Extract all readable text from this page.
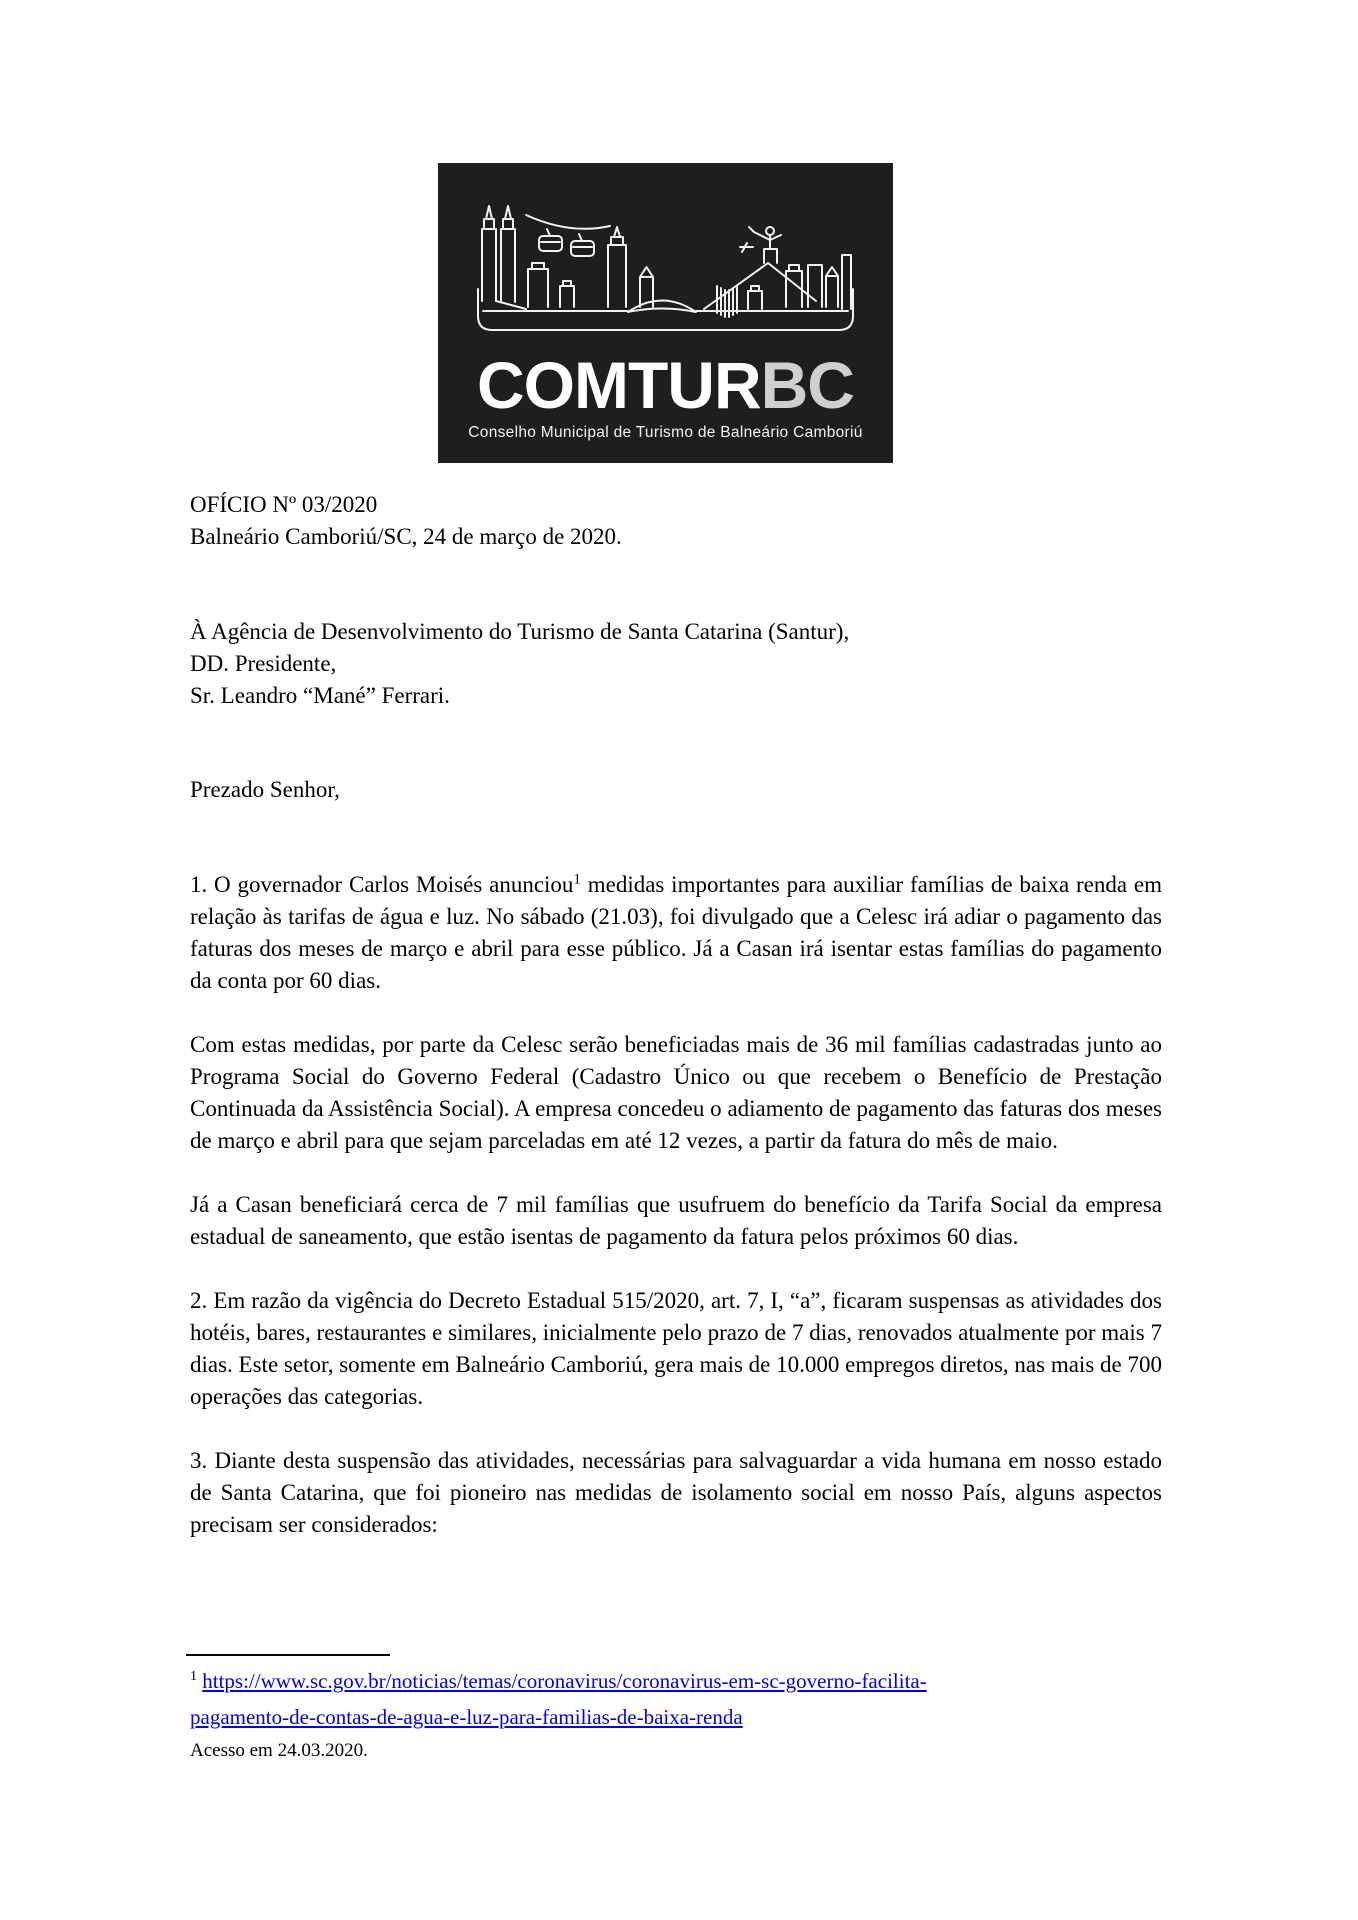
COMTURBC
Conselho Municipal de Turismo de Balneário Camboriú
OFÍCIO Nº 03/2020
Balneário Camboriú/SC, 24 de março de 2020.
À Agência de Desenvolvimento do Turismo de Santa Catarina (Santur),
DD. Presidente,
Sr. Leandro “Mané” Ferrari.
Prezado Senhor,

1. O governador Carlos Moisés anunciou$^1$ medidas importantes para auxiliar famílias de baixa renda em relação às tarifas de água e luz. No sábado (21.03), foi divulgado que a Celesc irá adiar o pagamento das faturas dos meses de março e abril para esse público. Já a Casan irá isentar estas famílias do pagamento da conta por 60 dias.

Com estas medidas, por parte da Celesc serão beneficiadas mais de 36 mil famílias cadastradas junto ao Programa Social do Governo Federal (Cadastro Único ou que recebem o Benefício de Prestação Continuada da Assistência Social). A empresa concedeu o adiamento de pagamento das faturas dos meses de março e abril para que sejam parceladas em até 12 vezes, a partir da fatura do mês de maio.

Já a Casan beneficiará cerca de 7 mil famílias que usufruem do benefício da Tarifa Social da empresa estadual de saneamento, que estão isentas de pagamento da fatura pelos próximos 60 dias.

2. Em razão da vigência do Decreto Estadual 515/2020, art. 7, I, “a”, ficaram suspensas as atividades dos hotéis, bares, restaurantes e similares, inicialmente pelo prazo de 7 dias, renovados atualmente por mais 7 dias. Este setor, somente em Balneário Camboriú, gera mais de 10.000 empregos diretos, nas mais de 700 operações das categorias.

3. Diante desta suspensão das atividades, necessárias para salvaguardar a vida humana em nosso estado de Santa Catarina, que foi pioneiro nas medidas de isolamento social em nosso País, alguns aspectos precisam ser considerados:

$^1$ https://www.sc.gov.br/noticias/temas/coronavirus/coronavirus-em-sc-governo-facilita-
pagamento-de-contas-de-agua-e-luz-para-familias-de-baixa-renda
Acesso em 24.03.2020.
